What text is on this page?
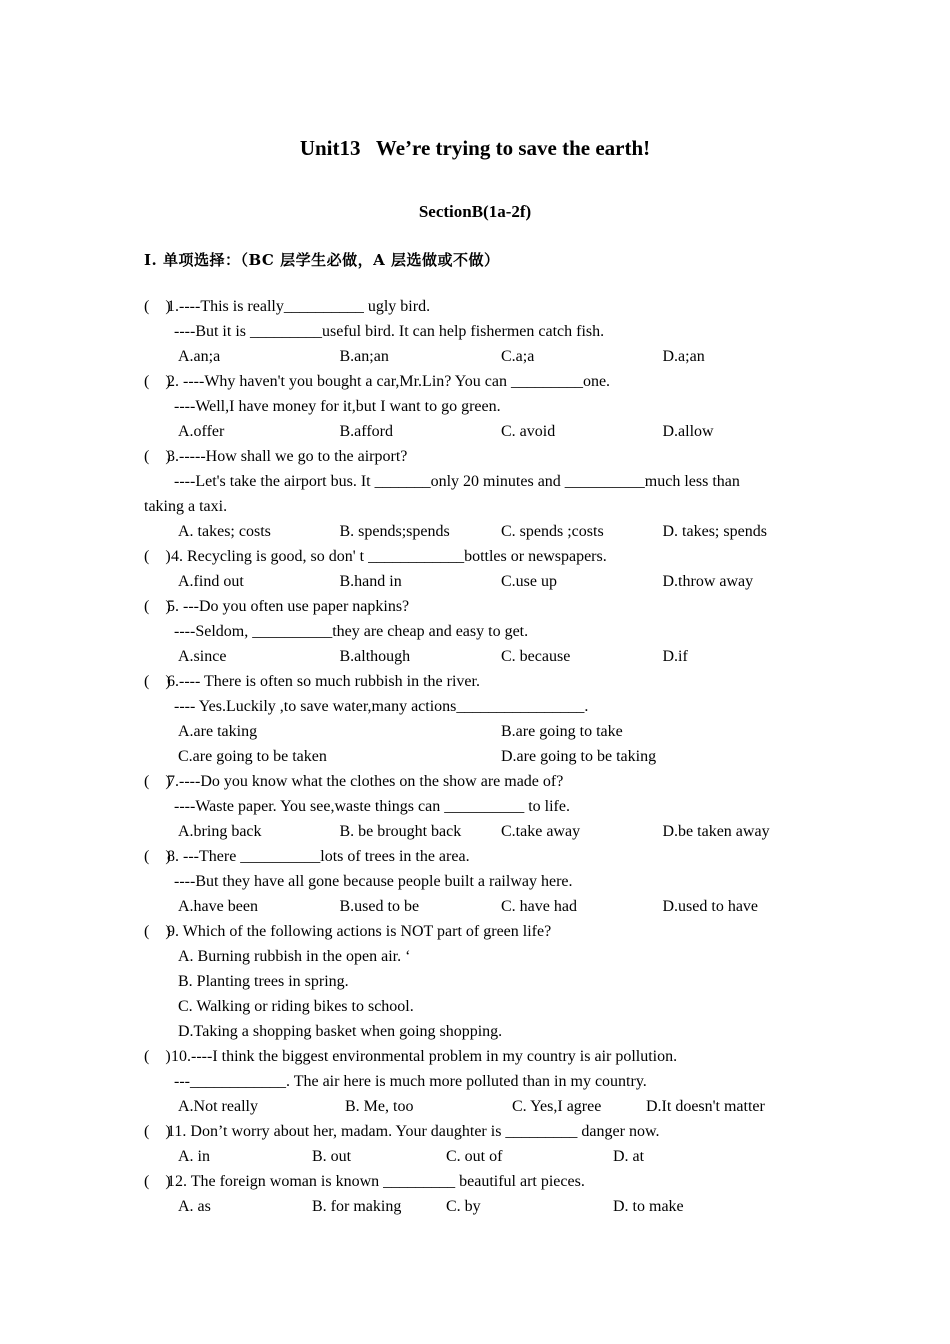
Unit13   We’re trying to save the earth!
SectionB(1a-2f)
I. 单项选择：（BC 层学生必做，A 层选做或不做）
(    )1.----This is really__________ ugly bird.
----But it is _________useful bird. It can help fishermen catch fish.
A.an;a	B.an;an	C.a;a	D.a;an
(    )2. ----Why haven't you bought a car,Mr.Lin? You can _________one.
----Well,I have money for it,but I want to go green.
A.offer	B.afford	C. avoid	D.allow
(    )3.-----How shall we go to the airport?
----Let's take the airport bus. It _______only 20 minutes and __________much less than
taking a taxi.
A. takes; costs	B. spends;spends	C. spends ;costs	D. takes; spends
(    ) 4. Recycling is good, so don' t ____________bottles or newspapers.
A.find out	B.hand in	C.use up	D.throw away
(    )5. ---Do you often use paper napkins?
----Seldom, __________they are cheap and easy to get.
A.since	B.although	C. because	D.if
(    )6.---- There is often so much rubbish in the river.
---- Yes.Luckily ,to save water,many actions________________.
A.are taking	B.are going to take
C.are going to be taken	D.are going to be taking
(    )7.----Do you know what the clothes on the show are made of?
----Waste paper. You see,waste things can __________ to life.
A.bring back	B. be brought back	C.take away	D.be taken away
(    )8. ---There __________lots of trees in the area.
----But they have all gone because people built a railway here.
A.have been	B.used to be	C. have had	D.used to have
(    )9. Which of the following actions is NOT part of green life?
A. Burning rubbish in the open air. ‘
B. Planting trees in spring.
C. Walking or riding bikes to school.
D.Taking a shopping basket when going shopping.
(    ) 10.----I think the biggest environmental problem in my country is air pollution.
---____________. The air here is much more polluted than in my country.
A.Not really	B. Me, too	C. Yes,I agree	D.It doesn't matter
(    )11. Don’t worry about her, madam. Your daughter is _________ danger now.
A. in	B. out	C. out of	D. at
(    )12. The foreign woman is known _________ beautiful art pieces.
A. as	B. for making	C. by	D. to make
